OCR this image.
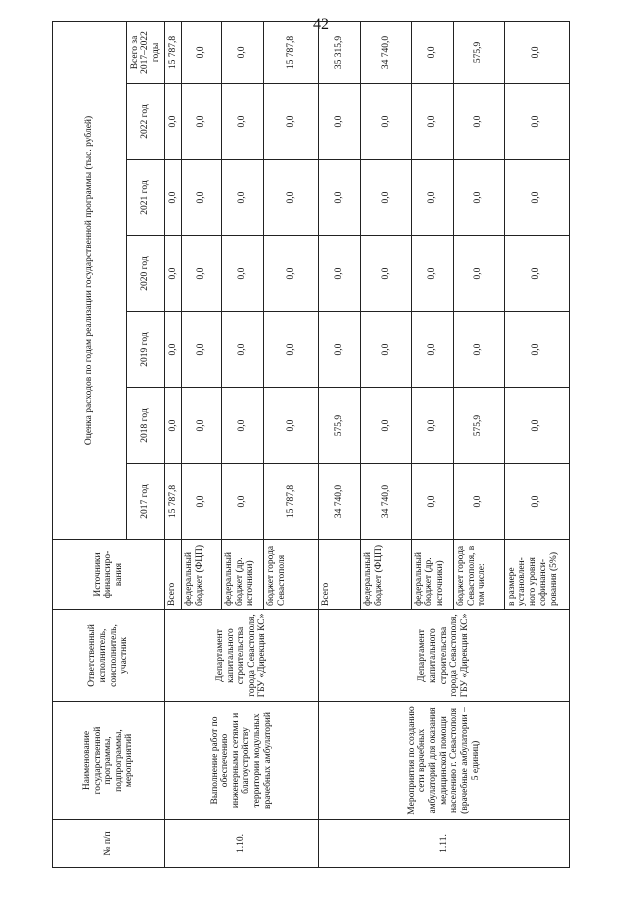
42
№ п/п	Наименование государственной программы, подпрограммы, мероприятий	Ответственный исполнитель, соисполнитель, участник	Источники финансиро-вания	Оценка расходов по годам реализации государственной программы (тыс. рублей)						
				2017 год	2018 год	2019 год	2020 год	2021 год	2022 год	Всего за 2017–2022 годы
1.10.	Выполнение работ по обеспечению инженерными сетями и благоустройству территории модульных врачебных амбулаторий	Департамент капитального строительства города Севастополя, ГБУ «Дирекция КС»	Всего	15 787,8	0,0	0,0	0,0	0,0	0,0	15 787,8
			федеральный бюджет (ФЦП)	0,0	0,0	0,0	0,0	0,0	0,0	0,0
			федеральный бюджет (др. источники)	0,0	0,0	0,0	0,0	0,0	0,0	0,0
			бюджет города Севастополя	15 787,8	0,0	0,0	0,0	0,0	0,0	15 787,8
1.11.	Мероприятия по созданию сети врачебных амбулаторий для оказания медицинской помощи населению г. Севастополя (врачебные амбулатории – 5 единиц)	Департамент капитального строительства города Севастополя, ГБУ «Дирекция КС»	Всего	34 740,0	575,9	0,0	0,0	0,0	0,0	35 315,9
			федеральный бюджет (ФЦП)	34 740,0	0,0	0,0	0,0	0,0	0,0	34 740,0
			федеральный бюджет (др. источники)	0,0	0,0	0,0	0,0	0,0	0,0	0,0
			бюджет города Севастополя, в том числе:	0,0	575,9	0,0	0,0	0,0	0,0	575,9
			в размере установлен-ного уровня софинанси-рования (5%)	0,0	0,0	0,0	0,0	0,0	0,0	0,0
